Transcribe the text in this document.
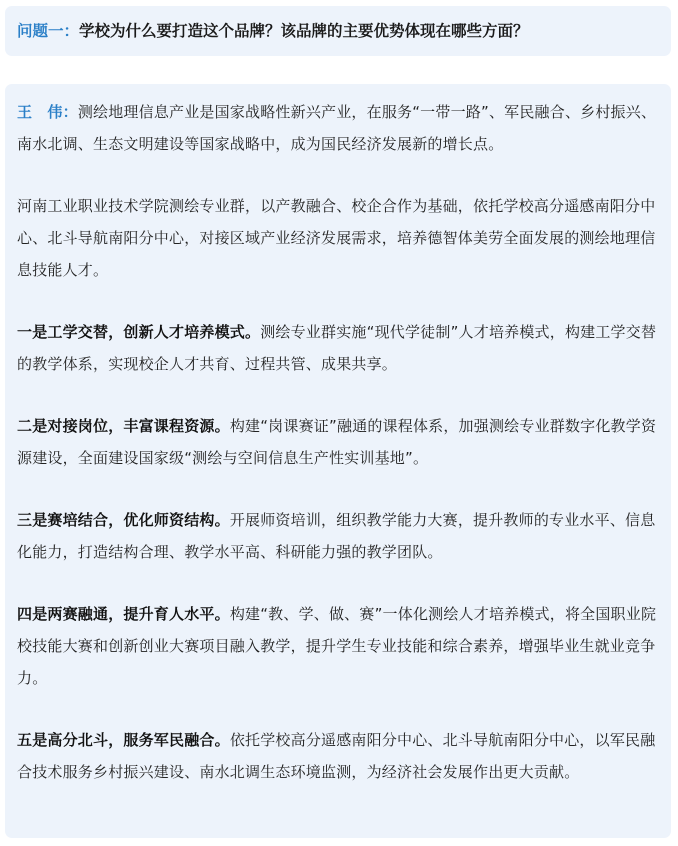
问题一：学校为什么要打造这个品牌？该品牌的主要优势体现在哪些方面？

王　伟：测绘地理信息产业是国家战略性新兴产业，在服务“一带一路”、军民融合、乡村振兴、南水北调、生态文明建设等国家战略中，成为国民经济发展新的增长点。

河南工业职业技术学院测绘专业群，以产教融合、校企合作为基础，依托学校高分遥感南阳分中心、北斗导航南阳分中心，对接区域产业经济发展需求，培养德智体美劳全面发展的测绘地理信息技能人才。

一是工学交替，创新人才培养模式。测绘专业群实施“现代学徒制”人才培养模式，构建工学交替的教学体系，实现校企人才共育、过程共管、成果共享。

二是对接岗位，丰富课程资源。构建“岗课赛证”融通的课程体系，加强测绘专业群数字化教学资源建设，全面建设国家级“测绘与空间信息生产性实训基地”。

三是赛培结合，优化师资结构。开展师资培训，组织教学能力大赛，提升教师的专业水平、信息化能力，打造结构合理、教学水平高、科研能力强的教学团队。

四是两赛融通，提升育人水平。构建“教、学、做、赛”一体化测绘人才培养模式，将全国职业院校技能大赛和创新创业大赛项目融入教学，提升学生专业技能和综合素养，增强毕业生就业竞争力。

五是高分北斗，服务军民融合。依托学校高分遥感南阳分中心、北斗导航南阳分中心，以军民融合技术服务乡村振兴建设、南水北调生态环境监测，为经济社会发展作出更大贡献。
